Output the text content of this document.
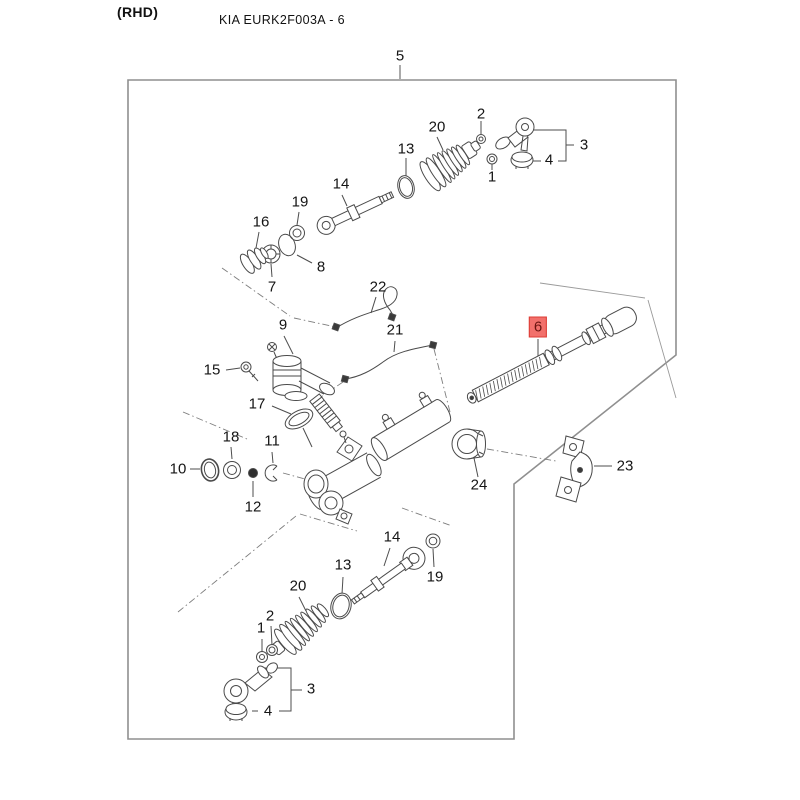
(RHD)	KIA EURK2F003A - 6
5
20
2
13
1
3
4
14
19
16
8
7	22
9	21
15
6
17
18 11
10
12
24
23
14
13
19
20
2
1
3
4
